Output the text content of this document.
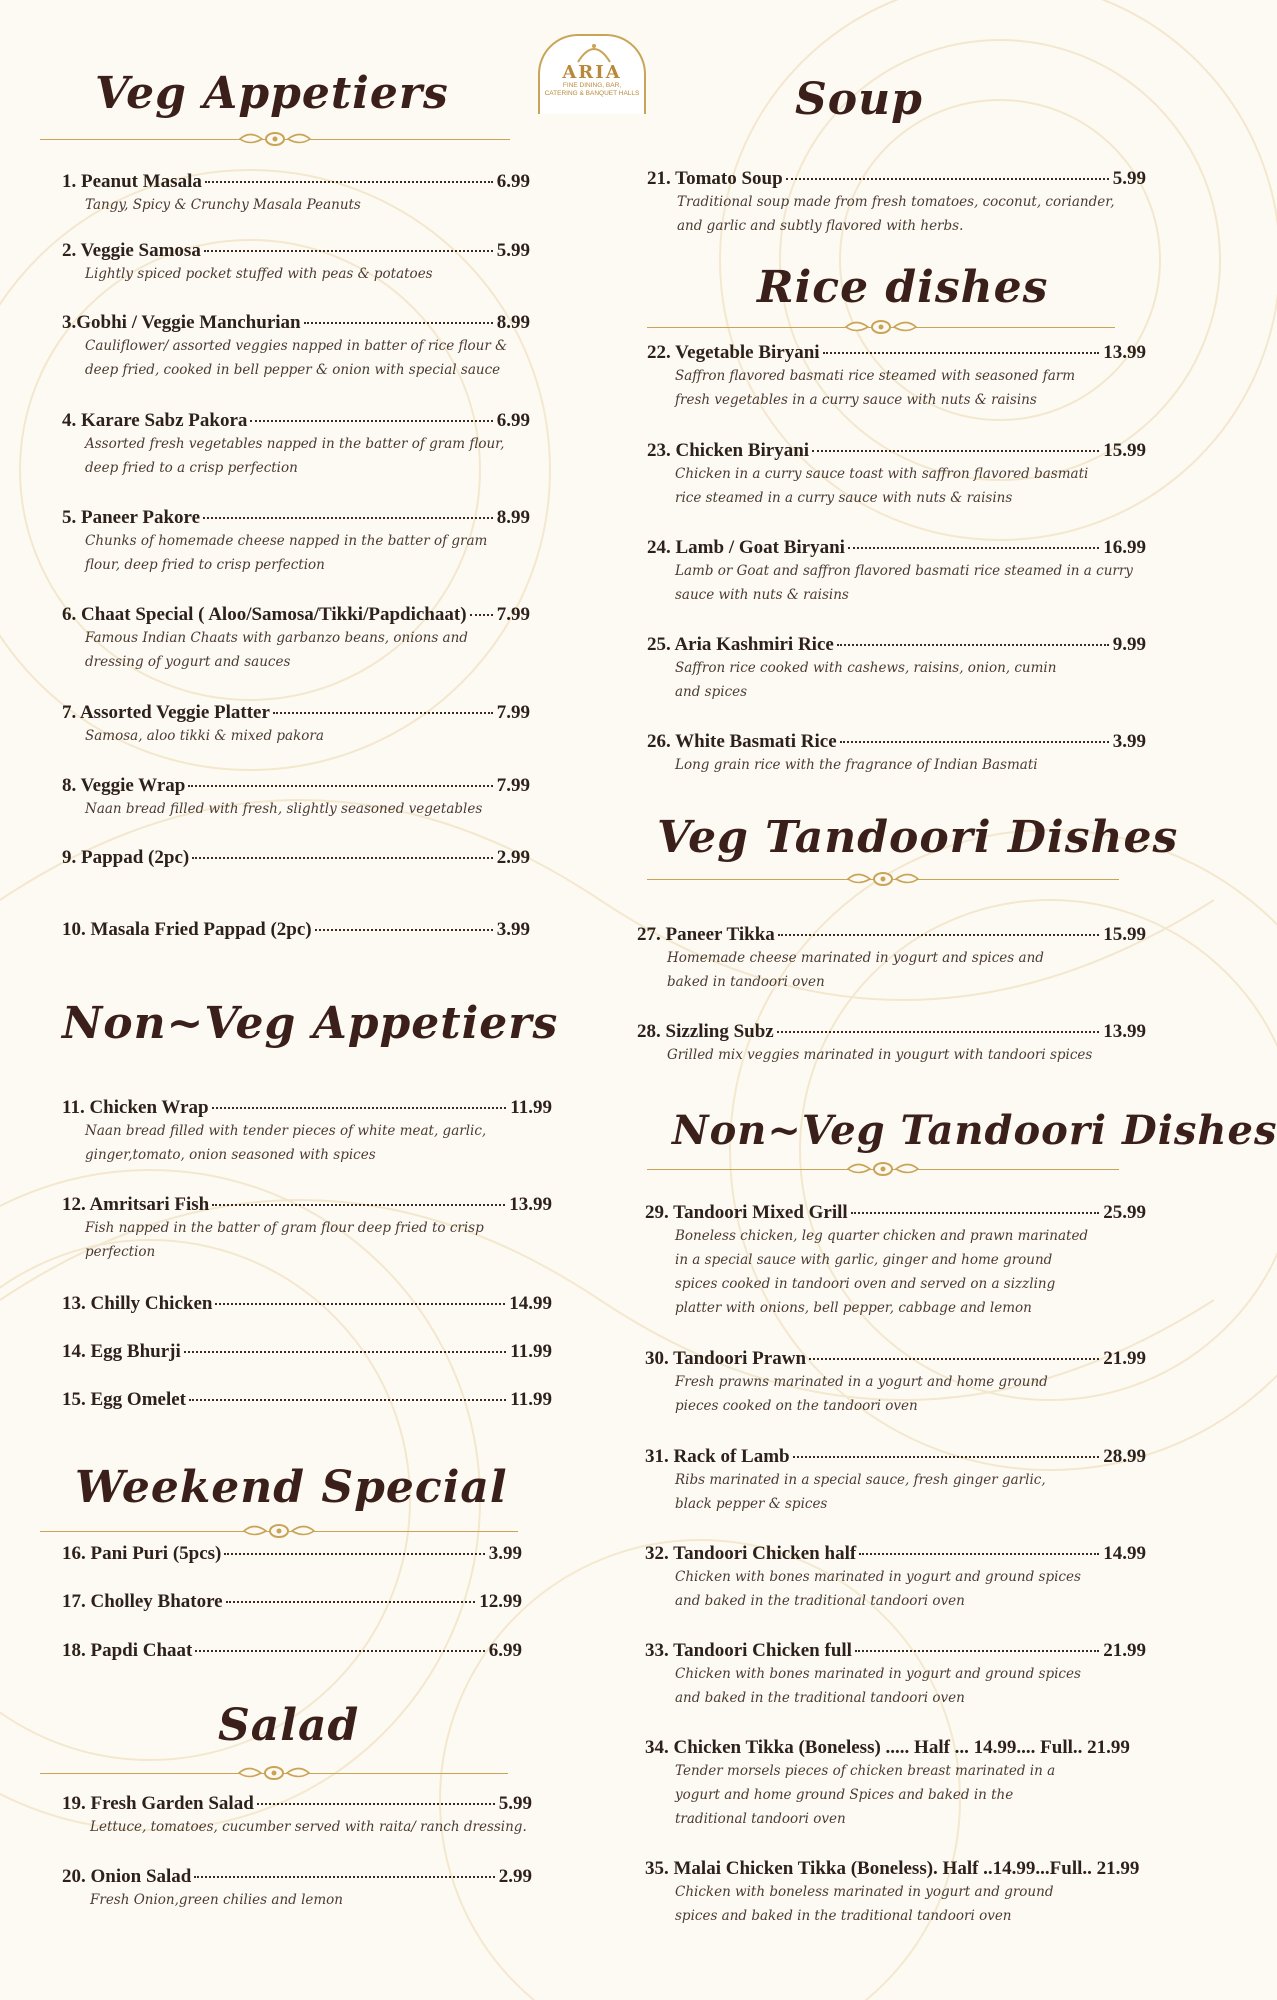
ARIA
FINE DINING, BAR,
CATERING & BANQUET HALLS
Veg Appetiers
1. Peanut Masala	6.99
Tangy, Spicy & Crunchy Masala Peanuts
2. Veggie Samosa	5.99
Lightly spiced pocket stuffed with peas & potatoes
3.Gobhi / Veggie Manchurian	8.99
Cauliflower/ assorted veggies napped in batter of rice flour &
deep fried, cooked in bell pepper & onion with special sauce
4. Karare Sabz Pakora	6.99
Assorted fresh vegetables napped in the batter of gram flour,
deep fried to a crisp perfection
5. Paneer Pakore	8.99
Chunks of homemade cheese napped in the batter of gram
flour, deep fried to crisp perfection
6. Chaat Special ( Aloo/Samosa/Tikki/Papdichaat) 7.99
Famous Indian Chaats with garbanzo beans, onions and
dressing of yogurt and sauces
7. Assorted Veggie Platter	7.99
Samosa, aloo tikki & mixed pakora
8. Veggie Wrap	7.99
Naan bread filled with fresh, slightly seasoned vegetables
9. Pappad (2pc)	2.99
10. Masala Fried Pappad (2pc)	3.99
Non~Veg Appetiers
11. Chicken Wrap	11.99
Naan bread filled with tender pieces of white meat, garlic,
ginger,tomato, onion seasoned with spices
12. Amritsari Fish	13.99
Fish napped in the batter of gram flour deep fried to crisp
perfection
13. Chilly Chicken	14.99
14. Egg Bhurji	11.99
15. Egg Omelet	11.99
Weekend Special
16. Pani Puri (5pcs)	3.99
17. Cholley Bhatore	12.99
18. Papdi Chaat	6.99
Salad
19. Fresh Garden Salad	5.99
Lettuce, tomatoes, cucumber served with raita/ ranch dressing.
20. Onion Salad	2.99
Fresh Onion,green chilies and lemon
Soup
21. Tomato Soup	5.99
Traditional soup made from fresh tomatoes, coconut, coriander,
and garlic and subtly flavored with herbs.
Rice dishes
22. Vegetable Biryani	13.99
Saffron flavored basmati rice steamed with seasoned farm
fresh vegetables in a curry sauce with nuts & raisins
23. Chicken Biryani	15.99
Chicken in a curry sauce toast with saffron flavored basmati
rice steamed in a curry sauce with nuts & raisins
24. Lamb / Goat Biryani	16.99
Lamb or Goat and saffron flavored basmati rice steamed in a curry
sauce with nuts & raisins
25. Aria Kashmiri Rice	9.99
Saffron rice cooked with cashews, raisins, onion, cumin
and spices
26. White Basmati Rice	3.99
Long grain rice with the fragrance of Indian Basmati
Veg Tandoori Dishes
27. Paneer Tikka	15.99
Homemade cheese marinated in yogurt and spices and
baked in tandoori oven
28. Sizzling Subz	13.99
Grilled mix veggies marinated in yougurt with tandoori spices
Non~Veg Tandoori Dishes
29. Tandoori Mixed Grill	25.99
Boneless chicken, leg quarter chicken and prawn marinated
in a special sauce with garlic, ginger and home ground
spices cooked in tandoori oven and served on a sizzling
platter with onions, bell pepper, cabbage and lemon
30. Tandoori Prawn	21.99
Fresh prawns marinated in a yogurt and home ground
pieces cooked on the tandoori oven
31. Rack of Lamb	28.99
Ribs marinated in a special sauce, fresh ginger garlic,
black pepper & spices
32. Tandoori Chicken half	14.99
Chicken with bones marinated in yogurt and ground spices
and baked in the traditional tandoori oven
33. Tandoori Chicken full	21.99
Chicken with bones marinated in yogurt and ground spices
and baked in the traditional tandoori oven
34. Chicken Tikka (Boneless) ..... Half ... 14.99.... Full.. 21.99
Tender morsels pieces of chicken breast marinated in a
yogurt and home ground Spices and baked in the
traditional tandoori oven
35. Malai Chicken Tikka (Boneless). Half ..14.99...Full.. 21.99
Chicken with boneless marinated in yogurt and ground
spices and baked in the traditional tandoori oven
